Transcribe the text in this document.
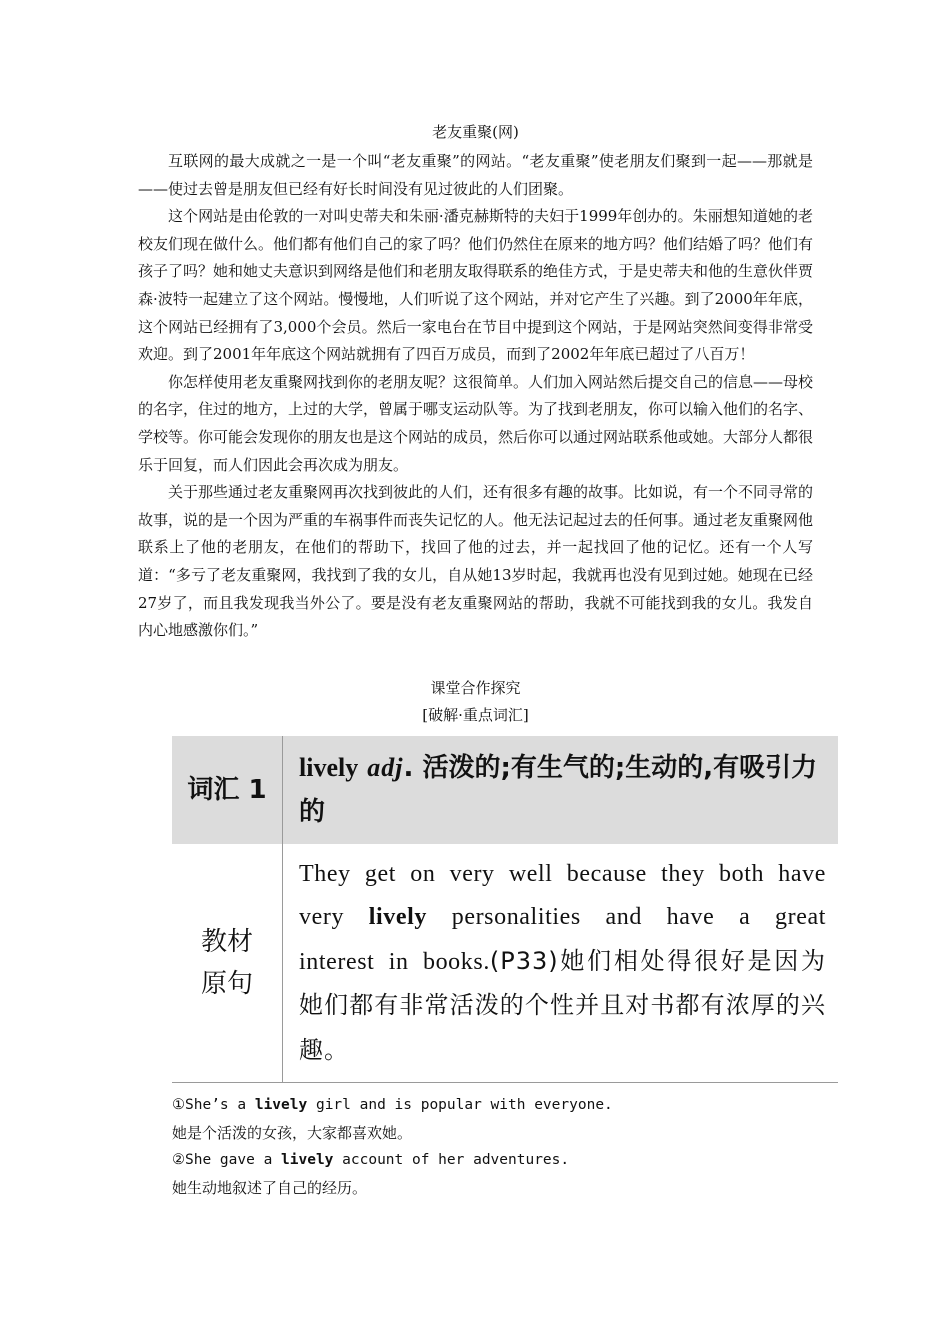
老友重聚(网)

互联网的最大成就之一是一个叫“老友重聚”的网站。“老友重聚”使老朋友们聚到一起——那就是——使过去曾是朋友但已经有好长时间没有见过彼此的人们团聚。

这个网站是由伦敦的一对叫史蒂夫和朱丽·潘克赫斯特的夫妇于1999年创办的。朱丽想知道她的老校友们现在做什么。他们都有他们自己的家了吗？他们仍然住在原来的地方吗？他们结婚了吗？他们有孩子了吗？她和她丈夫意识到网络是他们和老朋友取得联系的绝佳方式，于是史蒂夫和他的生意伙伴贾森·波特一起建立了这个网站。慢慢地，人们听说了这个网站，并对它产生了兴趣。到了2000年年底，这个网站已经拥有了3,000个会员。然后一家电台在节目中提到这个网站，于是网站突然间变得非常受欢迎。到了2001年年底这个网站就拥有了四百万成员，而到了2002年年底已超过了八百万！

你怎样使用老友重聚网找到你的老朋友呢？这很简单。人们加入网站然后提交自己的信息——母校的名字，住过的地方，上过的大学，曾属于哪支运动队等。为了找到老朋友，你可以输入他们的名字、学校等。你可能会发现你的朋友也是这个网站的成员，然后你可以通过网站联系他或她。大部分人都很乐于回复，而人们因此会再次成为朋友。

关于那些通过老友重聚网再次找到彼此的人们，还有很多有趣的故事。比如说，有一个不同寻常的故事，说的是一个因为严重的车祸事件而丧失记忆的人。他无法记起过去的任何事。通过老友重聚网他联系上了他的老朋友，在他们的帮助下，找回了他的过去，并一起找回了他的记忆。还有一个人写道：“多亏了老友重聚网，我找到了我的女儿，自从她13岁时起，我就再也没有见到过她。她现在已经27岁了，而且我发现我当外公了。要是没有老友重聚网站的帮助，我就不可能找到我的女儿。我发自内心地感激你们。”

课堂合作探究
[破解·重点词汇]
词汇 1	lively adj. 活泼的;有生气的;生动的,有吸引力的

教材
原句	They get on very well because they both have very lively personalities and have a great interest in books.(P33)她们相处得很好是因为她们都有非常活泼的个性并且对书都有浓厚的兴趣。
①She’s a lively girl and is popular with everyone.
她是个活泼的女孩，大家都喜欢她。
②She gave a lively account of her adventures.
她生动地叙述了自己的经历。
